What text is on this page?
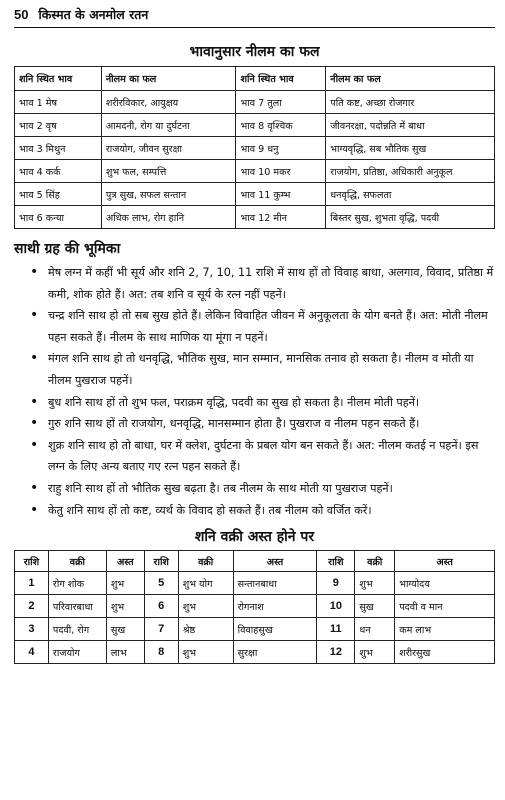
50 किस्मत के अनमोल रतन
भावानुसार नीलम का फल
शनि स्थित भाव	नीलम का फल	शनि स्थित भाव	नीलम का फल
भाव 1 मेष	शरीरविकार, आयुक्षय	भाव 7 तुला	पति कष्ट, अच्छा रोजगार
भाव 2 वृष	आमदनी, रोग या दुर्घटना	भाव 8 वृश्चिक	जीवनरक्षा, पदोन्नति में बाधा
भाव 3 मिथुन	राजयोग, जीवन सुरक्षा	भाव 9 धनु	भाग्यवृद्धि, सब भौतिक सुख
भाव 4 कर्क	शुभ फल, सम्पत्ति	भाव 10 मकर	राजयोग, प्रतिष्ठा, अधिकारी अनुकूल
भाव 5 सिंह	पुत्र सुख, सफल सन्तान	भाव 11 कुम्भ	धनवृद्धि, सफलता
भाव 6 कन्या	अधिक लाभ, रोग हानि	भाव 12 मीन	बिस्तर सुख, शुभता वृद्धि, पदवी
साथी ग्रह की भूमिका
• मेष लग्न में कहीं भी सूर्य और शनि 2, 7, 10, 11 राशि में साथ हों तो विवाह बाधा, अलगाव, विवाद, प्रतिष्ठा में कमी, शोक होते हैं। अत: तब शनि व सूर्य के रत्न नहीं पहनें।
• चन्द्र शनि साथ हो तो सब सुख होते हैं। लेकिन विवाहित जीवन में अनुकूलता के योग बनते हैं। अत: मोती नीलम पहन सकते हैं। नीलम के साथ माणिक या मूंगा न पहनें।
• मंगल शनि साथ हो तो धनवृद्धि, भौतिक सुख, मान सम्मान, मानसिक तनाव हो सकता है। नीलम व मोती या नीलम पुखराज पहनें।
• बुध शनि साथ हों तो शुभ फल, पराक्रम वृद्धि, पदवी का सुख हो सकता है। नीलम मोती पहनें।
• गुरु शनि साथ हों तो राजयोग, धनवृद्धि, मानसम्मान होता है। पुखराज व नीलम पहन सकते हैं।
• शुक्र शनि साथ हो तो बाधा, घर में क्लेश, दुर्घटना के प्रबल योग बन सकते हैं। अत: नीलम कतई न पहनें। इस लग्न के लिए अन्य बताए गए रत्न पहन सकते हैं।
• राहु शनि साथ हों तो भौतिक सुख बढ़ता है। तब नीलम के साथ मोती या पुखराज पहनें।
• केतु शनि साथ हों तो कष्ट, व्यर्थ के विवाद हो सकते हैं। तब नीलम को वर्जित करें।
शनि वक्री अस्त होने पर
राशि	वक्री	अस्त	राशि	वक्री	अस्त	राशि	वक्री	अस्त
1	रोग शोक	शुभ	5	शुभ योग	सन्तानबाधा	9	शुभ	भाग्योदय
2	परिवारबाधा	शुभ	6	शुभ	रोगनाश	10	सुख	पदवी व मान
3	पदवी, रोग	सुख	7	श्रेष्ठ	विवाहसुख	11	धन	कम लाभ
4	राजयोग	लाभ	8	शुभ	सुरक्षा	12	शुभ	शरीरसुख
